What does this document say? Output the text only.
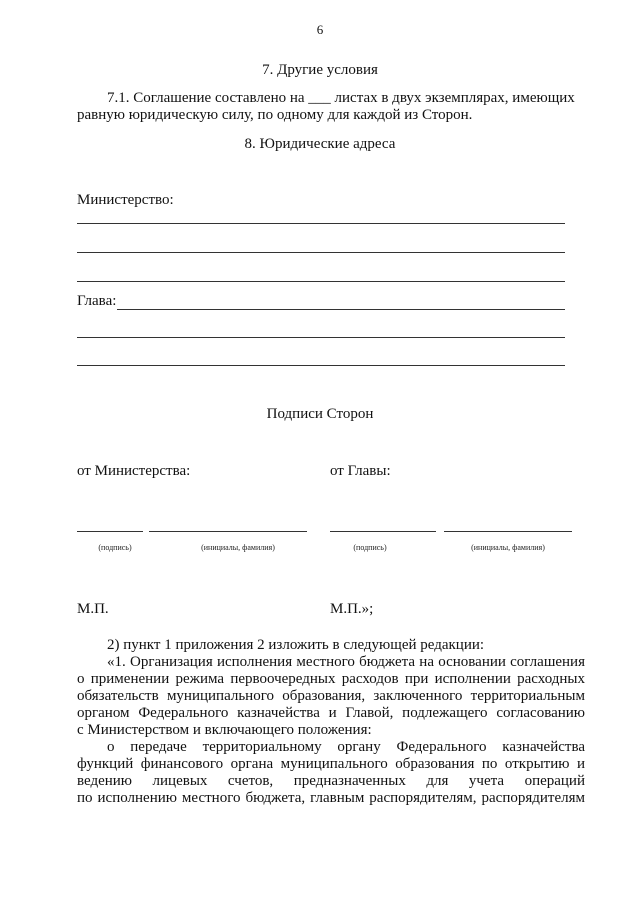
6
7. Другие условия
7.1. Соглашение составлено на ___ листах в двух экземплярах, имеющих
равную юридическую силу, по одному для каждой из Сторон.
8. Юридические адреса
Министерство:
Глава:
Подписи Сторон
от Министерства:	от Главы:
(подпись)	(инициалы, фамилия)	(подпись)	(инициалы, фамилия)
М.П.	М.П.»;
2) пункт 1 приложения 2 изложить в следующей редакции:
«1. Организация исполнения местного бюджета на основании соглашения
о применении режима первоочередных расходов при исполнении расходных
обязательств муниципального образования, заключенного территориальным
органом Федерального казначейства и Главой, подлежащего согласованию
с Министерством и включающего положения:
о передаче территориальному органу Федерального казначейства
функций финансового органа муниципального образования по открытию и
ведению лицевых счетов, предназначенных для учета операций
по исполнению местного бюджета, главным распорядителям, распорядителям
